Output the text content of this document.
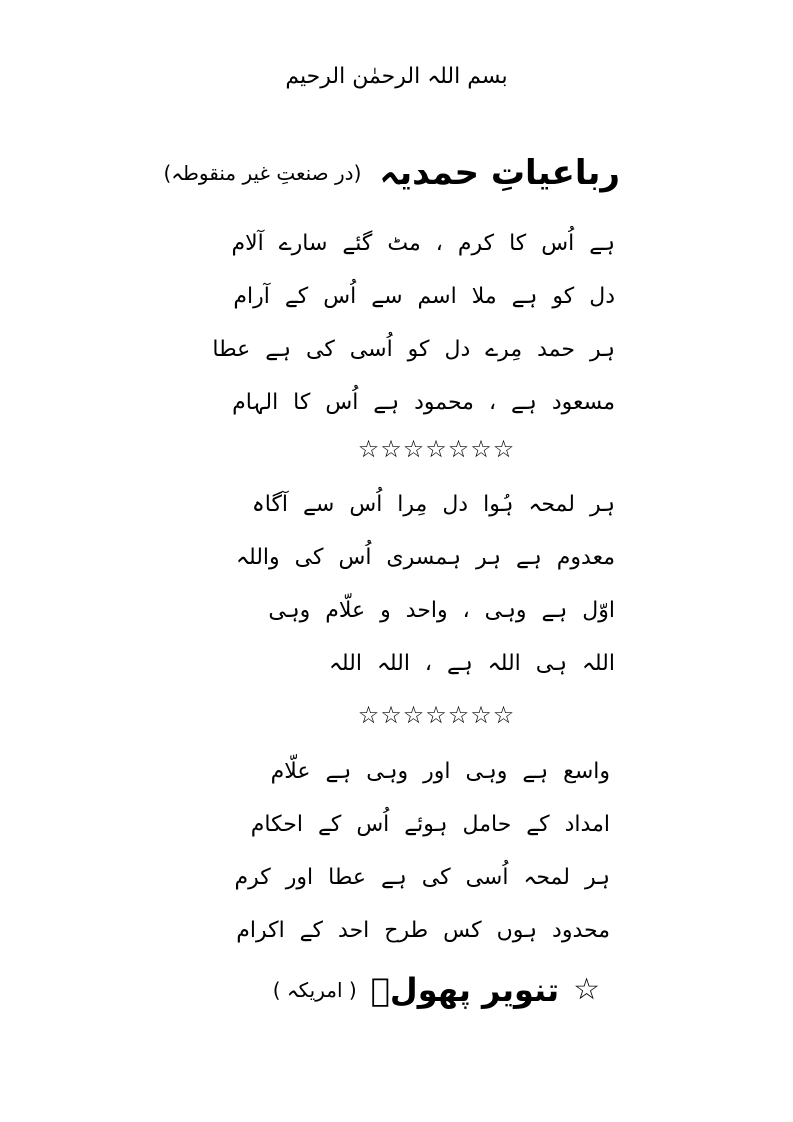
بسم اللہ الرحمٰن الرحیم
رباعیاتِ حمدیہ
(در صنعتِ غیر منقوطہ)
ہے اُس کا کرم ، مٹ گئے سارے آلام
دل کو ہے ملا اسم سے اُس کے آرام
ہر حمد مِرے دل کو اُسی کی ہے عطا
مسعود ہے ، محمود ہے اُس کا الہام
☆☆☆☆☆☆☆
ہر لمحہ ہُوا دل مِرا اُس سے آگاہ
معدوم ہے ہر ہمسری اُس کی واللہ
اوّل ہے وہی ، واحد و علّام وہی
اللہ ہی اللہ ہے ، اللہ اللہ
☆☆☆☆☆☆☆
واسع ہے وہی اور وہی ہے علّام
امداد کے حامل ہوئے اُس کے احکام
ہر لمحہ اُسی کی ہے عطا اور کرم
محدود ہوں کس طرح احد کے اکرام
☆
تنویر پھولؔ
( امریکہ )
